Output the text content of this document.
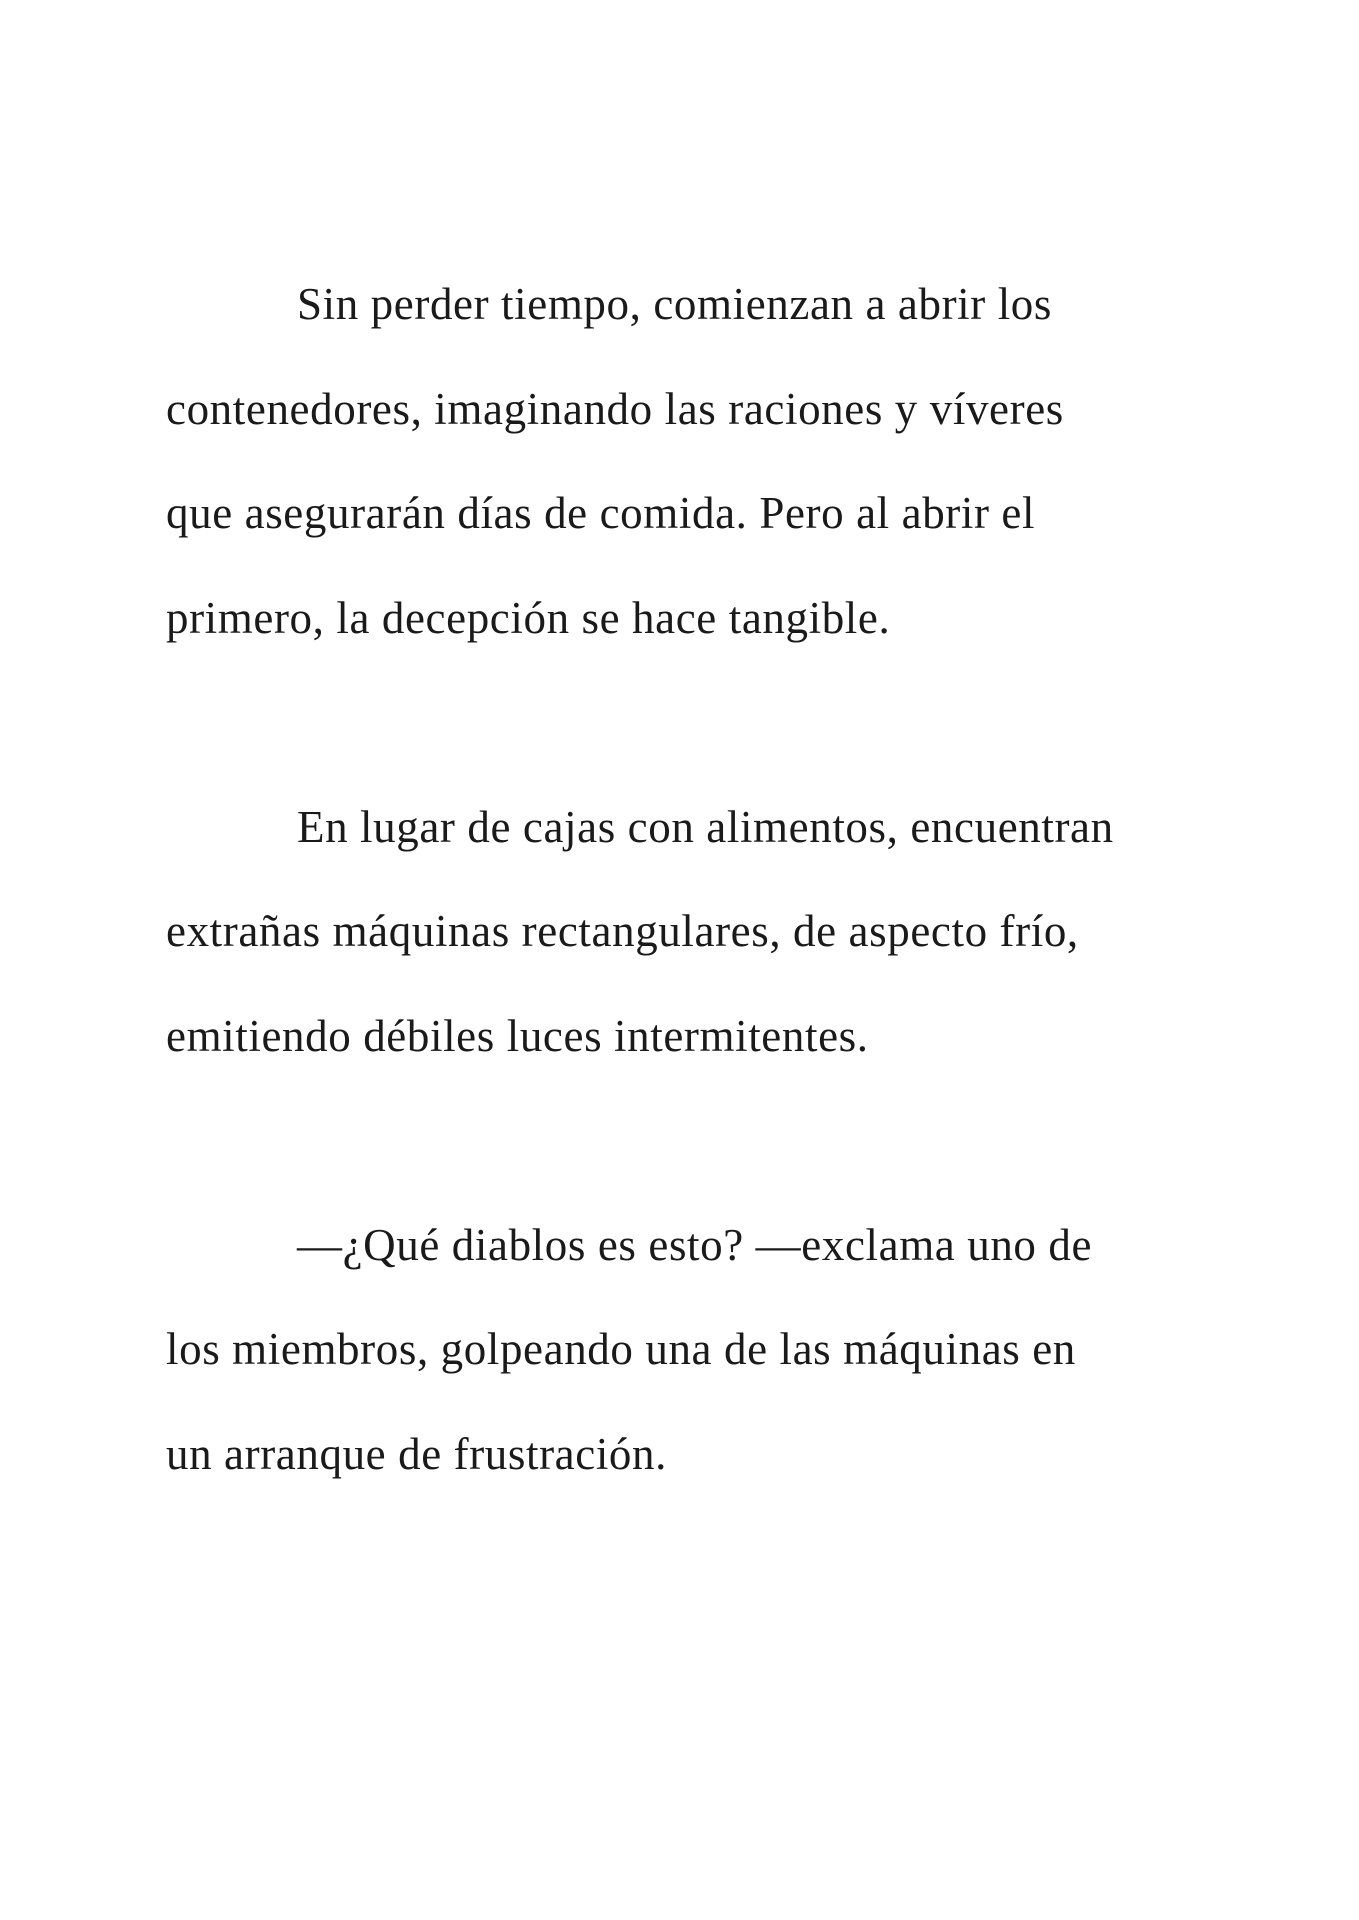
Sin perder tiempo, comienzan a abrir los
contenedores, imaginando las raciones y víveres
que asegurarán días de comida. Pero al abrir el
primero, la decepción se hace tangible.
En lugar de cajas con alimentos, encuentran
extrañas máquinas rectangulares, de aspecto frío,
emitiendo débiles luces intermitentes.
—¿Qué diablos es esto? —exclama uno de
los miembros, golpeando una de las máquinas en
un arranque de frustración.
